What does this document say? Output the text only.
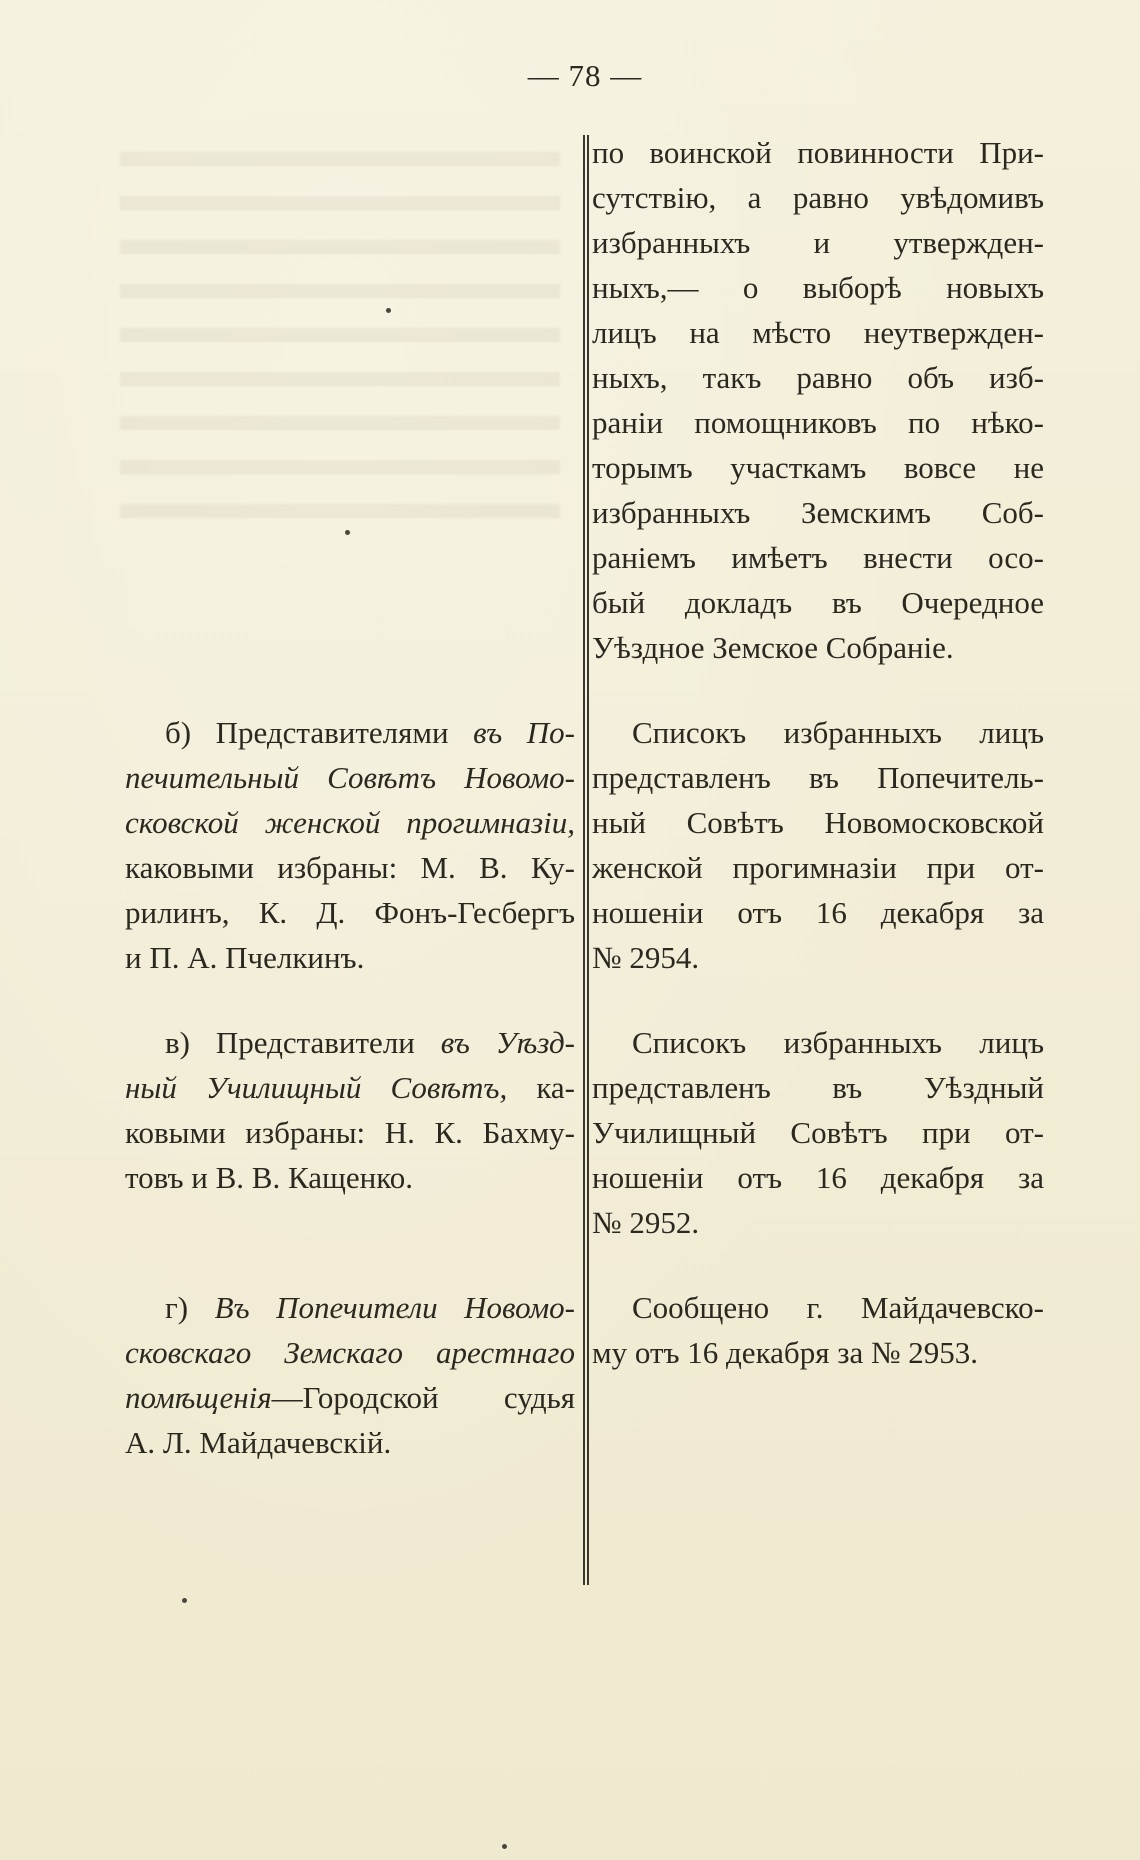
— 78 —
по воинской повинности При-
сутствію, а равно увѣдомивъ
избранныхъ и утвержден-
ныхъ,— о выборѣ новыхъ
лицъ на мѣсто неутвержден-
ныхъ, такъ равно объ изб-
раніи помощниковъ по нѣко-
торымъ участкамъ вовсе не
избранныхъ Земскимъ Соб-
раніемъ имѣетъ внести осо-
бый докладъ въ Очередное
Уѣздное Земское Собраніе.
Списокъ избранныхъ лицъ
представленъ въ Попечитель-
ный Совѣтъ Новомосковской
женской прогимназіи при от-
ношеніи отъ 16 декабря за
№ 2954.
Списокъ избранныхъ лицъ
представленъ въ Уѣздный
Училищный Совѣтъ при от-
ношеніи отъ 16 декабря за
№ 2952.
Сообщено г. Майдачевско-
му отъ 16 декабря за № 2953.
б) Представителями въ По-
печительный Совѣтъ Новомо-
сковской женской прогимназіи,
каковыми избраны: М. В. Ку-
рилинъ, К. Д. Фонъ-Гесбергъ
и П. А. Пчелкинъ.
в) Представители въ Уѣзд-
ный Училищный Совѣтъ, ка-
ковыми избраны: Н. К. Бахму-
товъ и В. В. Кащенко.
г) Въ Попечители Новомо-
сковскаго Земскаго арестнаго
помѣщенія—Городской судья
А. Л. Майдачевскій.
